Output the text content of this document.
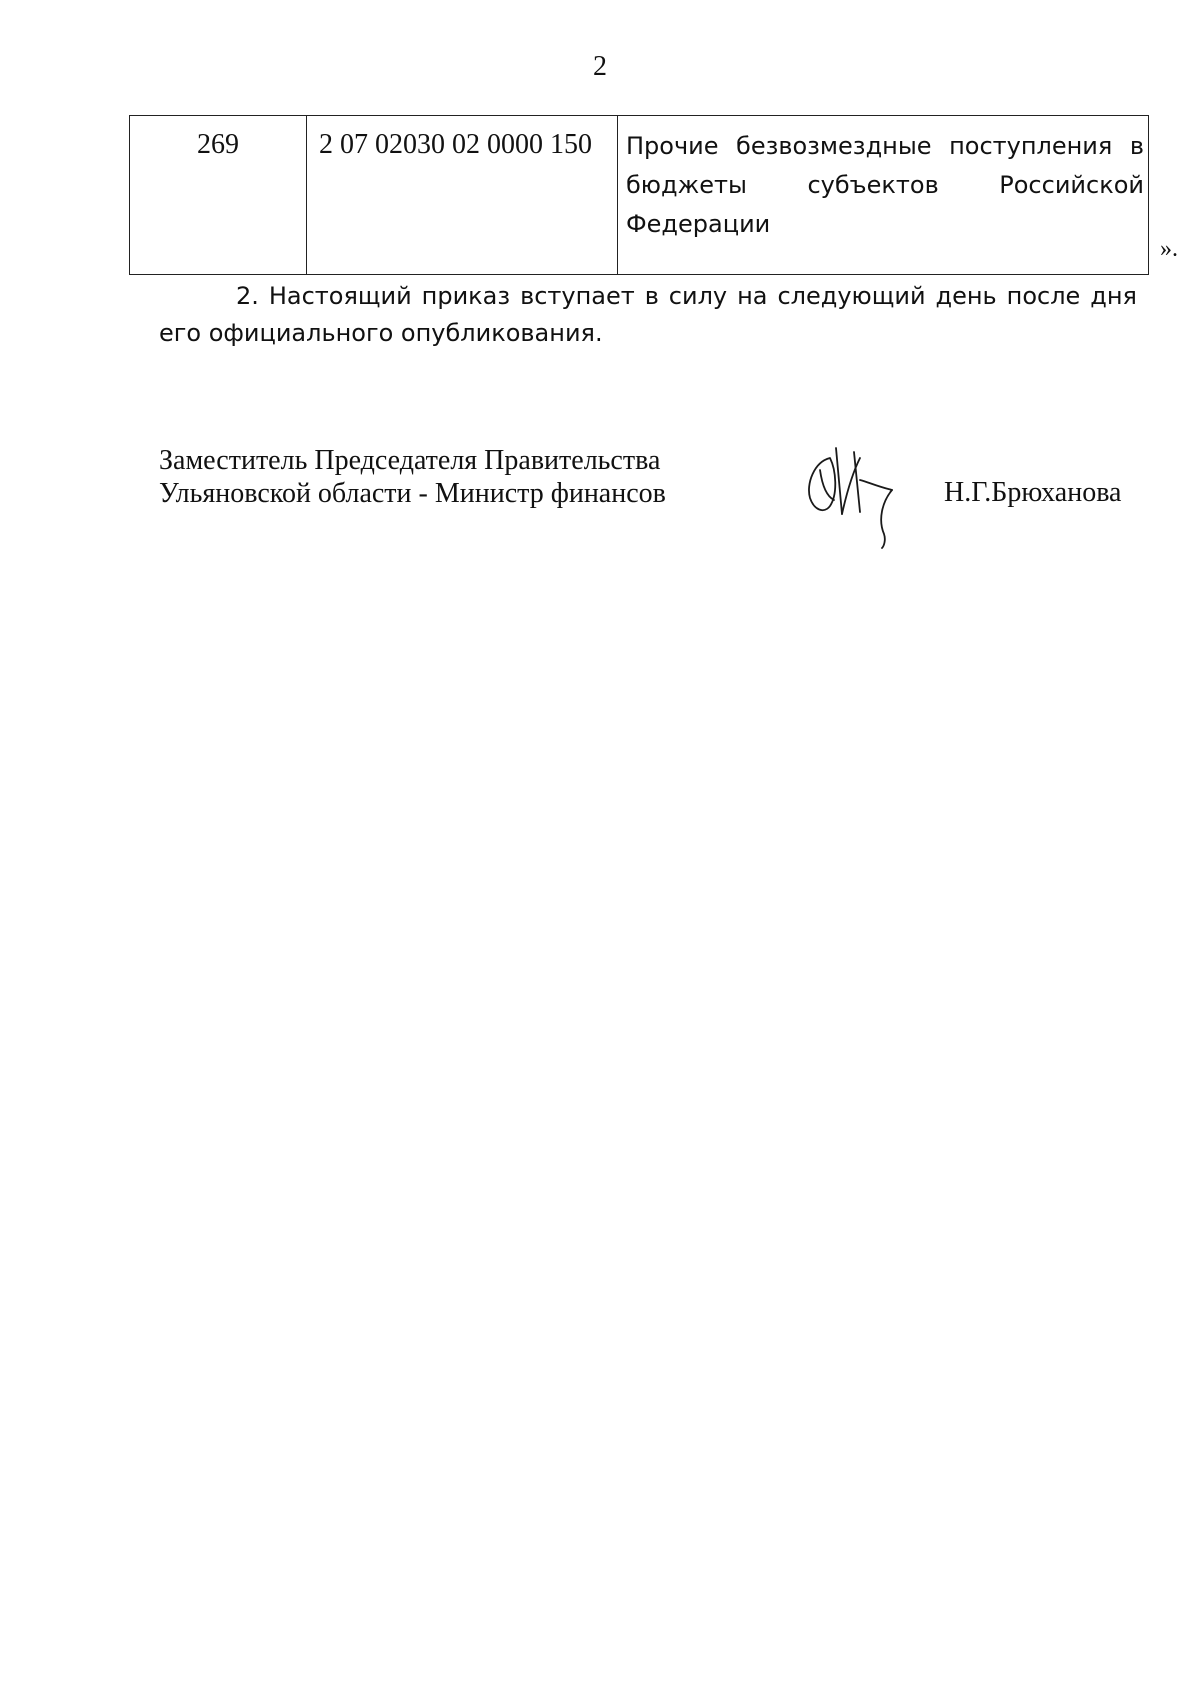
2
269	2 07 02030 02 0000 150	Прочие безвозмездные поступления в бюджеты субъектов Российской Федерации
».

2. Настоящий приказ вступает в силу на следующий день после дня его официального опубликования.

Заместитель Председателя Правительства
Ульяновской области - Министр финансов	Н.Г.Брюханова
